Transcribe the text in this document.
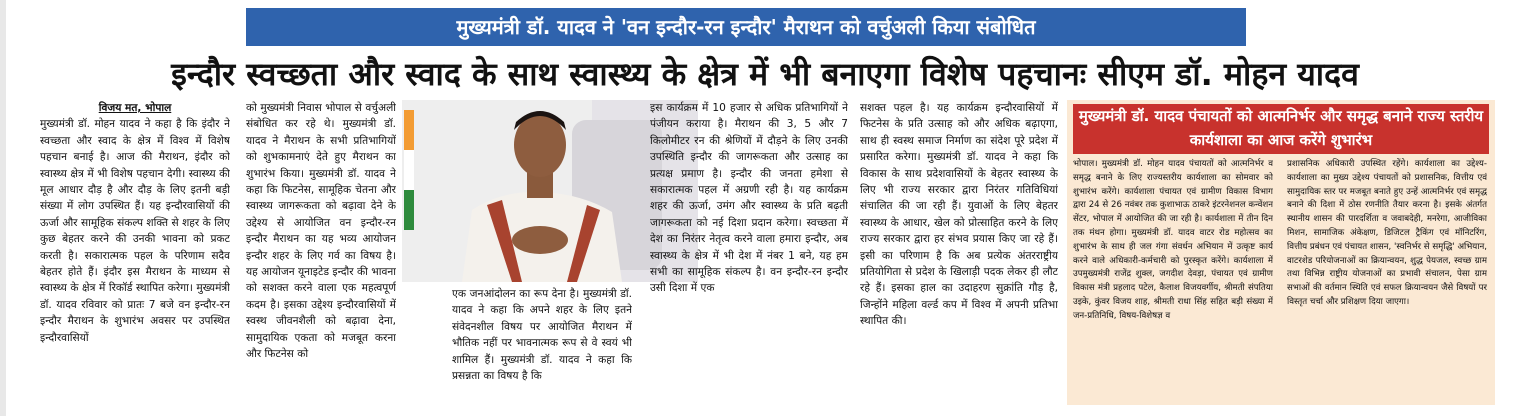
मुख्यमंत्री डॉ. यादव ने 'वन इन्दौर-रन इन्दौर' मैराथन को वर्चुअली किया संबोधित
इन्दौर स्वच्छता और स्वाद के साथ स्वास्थ्य के क्षेत्र में भी बनाएगा विशेष पहचानः सीएम डॉ. मोहन यादव

विजय मत, भोपाल

मुख्यमंत्री डॉ. मोहन यादव ने कहा है कि इंदौर ने स्वच्छता और स्वाद के क्षेत्र में विश्व में विशेष पहचान बनाई है। आज की मैराथन, इंदौर को स्वास्थ्य क्षेत्र में भी विशेष पहचान देगी। स्वास्थ्य की मूल आधार दौड़ है और दौड़ के लिए इतनी बड़ी संख्या में लोग उपस्थित हैं। यह इन्दौरवासियों की ऊर्जा और सामूहिक संकल्प शक्ति से शहर के लिए कुछ बेहतर करने की उनकी भावना को प्रकट करती है। सकारात्मक पहल के परिणाम सदैव बेहतर होते हैं। इंदौर इस मैराथन के माध्यम से स्वास्थ्य के क्षेत्र में रिकॉर्ड स्थापित करेगा। मुख्यमंत्री डॉ. यादव रविवार को प्रातः 7 बजे वन इन्दौर-रन इन्दौर मैराथन के शुभारंभ अवसर पर उपस्थित इन्दौरवासियों

को मुख्यमंत्री निवास भोपाल से वर्चुअली संबोधित कर रहे थे। मुख्यमंत्री डॉ. यादव ने मैराथन के सभी प्रतिभागियों को शुभकामनाएं देते हुए मैराथन का शुभारंभ किया। मुख्यमंत्री डॉ. यादव ने कहा कि फिटनेस, सामूहिक चेतना और स्वास्थ्य जागरूकता को बढ़ावा देने के उद्देश्य से आयोजित वन इन्दौर-रन इन्दौर मैराथन का यह भव्य आयोजन इन्दौर शहर के लिए गर्व का विषय है। यह आयोजन यूनाइटेड इन्दौर की भावना को सशक्त करने वाला एक महत्वपूर्ण कदम है। इसका उद्देश्य इन्दौरवासियों में स्वस्थ जीवनशैली को बढ़ावा देना, सामुदायिक एकता को मजबूत करना और फिटनेस को

एक जनआंदोलन का रूप देना है। मुख्यमंत्री डॉ. यादव ने कहा कि अपने शहर के लिए इतने संवेदनशील विषय पर आयोजित मैराथन में भौतिक नहीं पर भावनात्मक रूप से वे स्वयं भी शामिल हैं। मुख्यमंत्री डॉ. यादव ने कहा कि प्रसन्नता का विषय है कि

इस कार्यक्रम में 10 हजार से अधिक प्रतिभागियों ने पंजीयन कराया है। मैराथन की 3, 5 और 7 किलोमीटर रन की श्रेणियों में दौड़ने के लिए उनकी उपस्थिति इन्दौर की जागरूकता और उत्साह का प्रत्यक्ष प्रमाण है। इन्दौर की जनता हमेशा से सकारात्मक पहल में अग्रणी रही है। यह कार्यक्रम शहर की ऊर्जा, उमंग और स्वास्थ्य के प्रति बढ़ती जागरूकता को नई दिशा प्रदान करेगा। स्वच्छता में देश का निरंतर नेतृत्व करने वाला हमारा इन्दौर, अब स्वास्थ्य के क्षेत्र में भी देश में नंबर 1 बने, यह हम सभी का सामूहिक संकल्प है। वन इन्दौर-रन इन्दौर उसी दिशा में एक

सशक्त पहल है। यह कार्यक्रम इन्दौरवासियों में फिटनेस के प्रति उत्साह को और अधिक बढ़ाएगा, साथ ही स्वस्थ समाज निर्माण का संदेश पूरे प्रदेश में प्रसारित करेगा। मुख्यमंत्री डॉ. यादव ने कहा कि विकास के साथ प्रदेशवासियों के बेहतर स्वास्थ्य के लिए भी राज्य सरकार द्वारा निरंतर गतिविधियां संचालित की जा रही हैं। युवाओं के लिए बेहतर स्वास्थ्य के आधार, खेल को प्रोत्साहित करने के लिए राज्य सरकार द्वारा हर संभव प्रयास किए जा रहे हैं। इसी का परिणाम है कि अब प्रत्येक अंतरराष्ट्रीय प्रतियोगिता से प्रदेश के खिलाड़ी पदक लेकर ही लौट रहे हैं। इसका हाल का उदाहरण सुक्रांति गौड़ है, जिन्होंने महिला वर्ल्ड कप में विश्व में अपनी प्रतिभा स्थापित की।

मुख्यमंत्री डॉ. यादव पंचायतों को आत्मनिर्भर और समृद्ध बनाने राज्य स्तरीय कार्यशाला का आज करेंगे शुभारंभ

भोपाल। मुख्यमंत्री डॉ. मोहन यादव पंचायतों को आत्मनिर्भर व समृद्ध बनाने के लिए राज्यस्तरीय कार्यशाला का सोमवार को शुभारंभ करेंगे। कार्यशाला पंचायत एवं ग्रामीण विकास विभाग द्वारा 24 से 26 नवंबर तक कुशाभाऊ ठाकरे इंटरनेशनल कन्वेंशन सेंटर, भोपाल में आयोजित की जा रही है। कार्यशाला में तीन दिन तक मंथन होगा। मुख्यमंत्री डॉ. यादव वाटर रोड महोत्सव का शुभारंभ के साथ ही जल गंगा संवर्धन अभियान में उत्कृष्ट कार्य करने वाले अधिकारी-कर्मचारी को पुरस्कृत करेंगे। कार्यशाला में उपमुख्यमंत्री राजेंद्र शुक्ल, जगदीश देवड़ा, पंचायत एवं ग्रामीण विकास मंत्री प्रहलाद पटेल, कैलाश विजयवर्गीय, श्रीमती संपतिया उइके, कुंवर विजय शाह, श्रीमती राधा सिंह सहित बड़ी संख्या में जन-प्रतिनिधि, विषय-विशेषज्ञ व

प्रशासनिक अधिकारी उपस्थित रहेंगे। कार्यशाला का उद्देश्य-कार्यशाला का मुख्य उद्देश्य पंचायतों को प्रशासनिक, वित्तीय एवं सामुदायिक स्तर पर मजबूत बनाते हुए उन्हें आत्मनिर्भर एवं समृद्ध बनाने की दिशा में ठोस रणनीति तैयार करना है। इसके अंतर्गत स्थानीय शासन की पारदर्शिता व जवाबदेही, मनरेगा, आजीविका मिशन, सामाजिक अंकेक्षण, डिजिटल ट्रैकिंग एवं मॉनिटरिंग, वित्तीय प्रबंधन एवं पंचायत शासन, 'स्वनिर्भर से समृद्धि' अभियान, वाटरशेड परियोजनाओं का क्रियान्वयन, शुद्ध पेयजल, स्वच्छ ग्राम तथा विभिन्न राष्ट्रीय योजनाओं का प्रभावी संचालन, पेसा ग्राम सभाओं की वर्तमान स्थिति एवं सफल क्रियान्वयन जैसे विषयों पर विस्तृत चर्चा और प्रशिक्षण दिया जाएगा।
